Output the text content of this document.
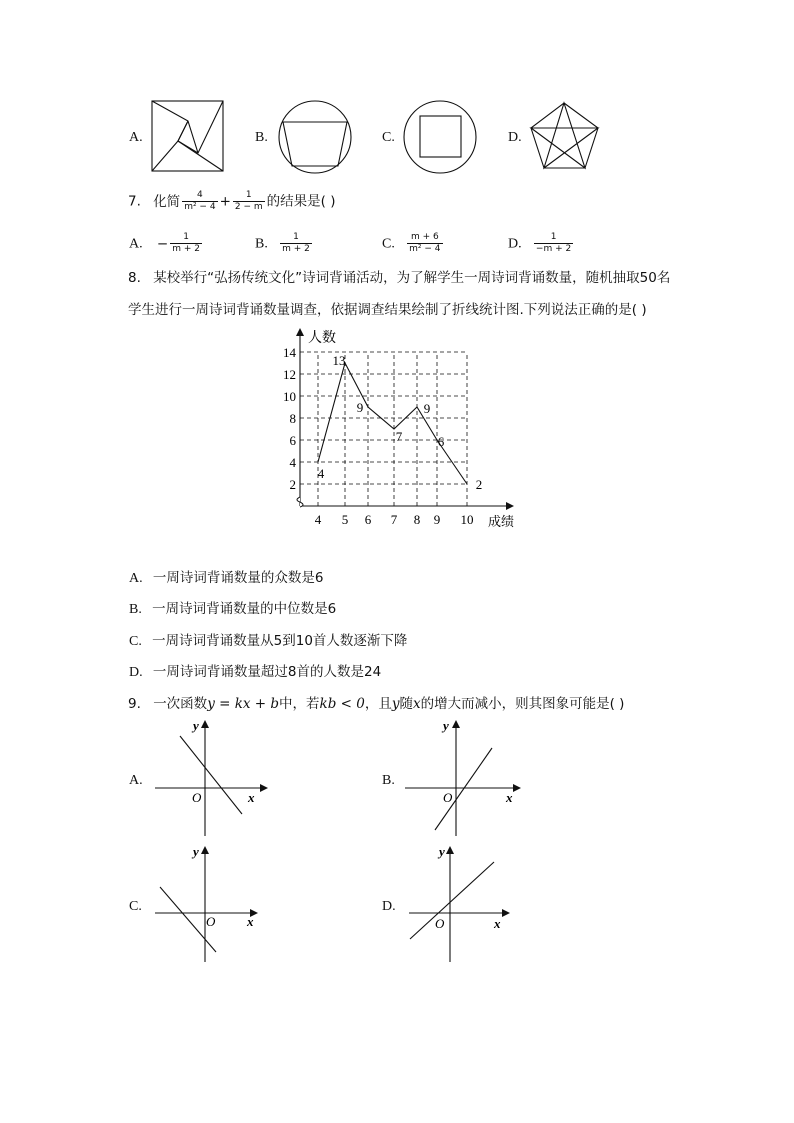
A.	B.	C.	D.
7. 化简 $\frac{4}{\text{m² − 4}} + \frac{1}{2 - m}$ 的结果是( )
A. − $\frac{1}{m + 2}$	B. $\frac{1}{m + 2}$	C. $\frac{m + 6}{\text{m² − 4}}$	D. $\frac{1}{-m + 2}$
8. 某校举行“弘扬传统文化”诗词背诵活动，为了解学生一周诗词背诵数量，随机抽取50名
学生进行一周诗词背诵数量调查，依据调查结果绘制了折线统计图.下列说法正确的是( )
2
4
6
8
10
12
14
4 5 6 7 8 9 10
4
13
9
7
9
6
2
人数
成绩
A. 一周诗词背诵数量的众数是6
B. 一周诗词背诵数量的中位数是6
C. 一周诗词背诵数量从5到10首人数逐渐下降
D. 一周诗词背诵数量超过8首的人数是24
9. 一次函数y = kx + b中，若kb < 0，且y随x的增大而减小，则其图象可能是( )
A.
y
x
O
B.
y
x
O
C.
y
x
O
D.
y
x
O
